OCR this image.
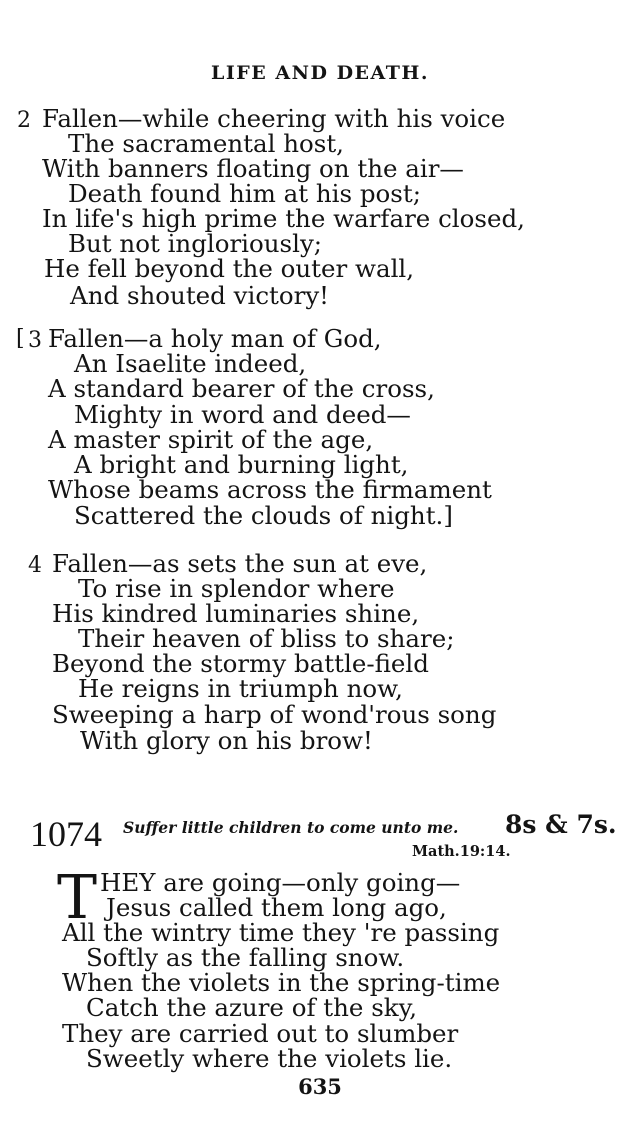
LIFE AND DEATH.
2 Fallen—while cheering with his voice
The sacramental host,
With banners floating on the air—
Death found him at his post;
In life's high prime the warfare closed,
But not ingloriously;
He fell beyond the outer wall,
And shouted victory!
[ 3 Fallen—a holy man of God,
An Isaelite indeed,
A standard bearer of the cross,
Mighty in word and deed—
A master spirit of the age,
A bright and burning light,
Whose beams across the firmament
Scattered the clouds of night.]
4 Fallen—as sets the sun at eve,
To rise in splendor where
His kindred luminaries shine,
Their heaven of bliss to share;
Beyond the stormy battle-field
He reigns in triumph now,
Sweeping a harp of wond'rous song
With glory on his brow!
1074 Suffer little children to come unto me. 8s & 7s.
Math.19:14.
T HEY are going—only going—
Jesus called them long ago,
All the wintry time they 're passing
Softly as the falling snow.
When the violets in the spring-time
Catch the azure of the sky,
They are carried out to slumber
Sweetly where the violets lie.
635
